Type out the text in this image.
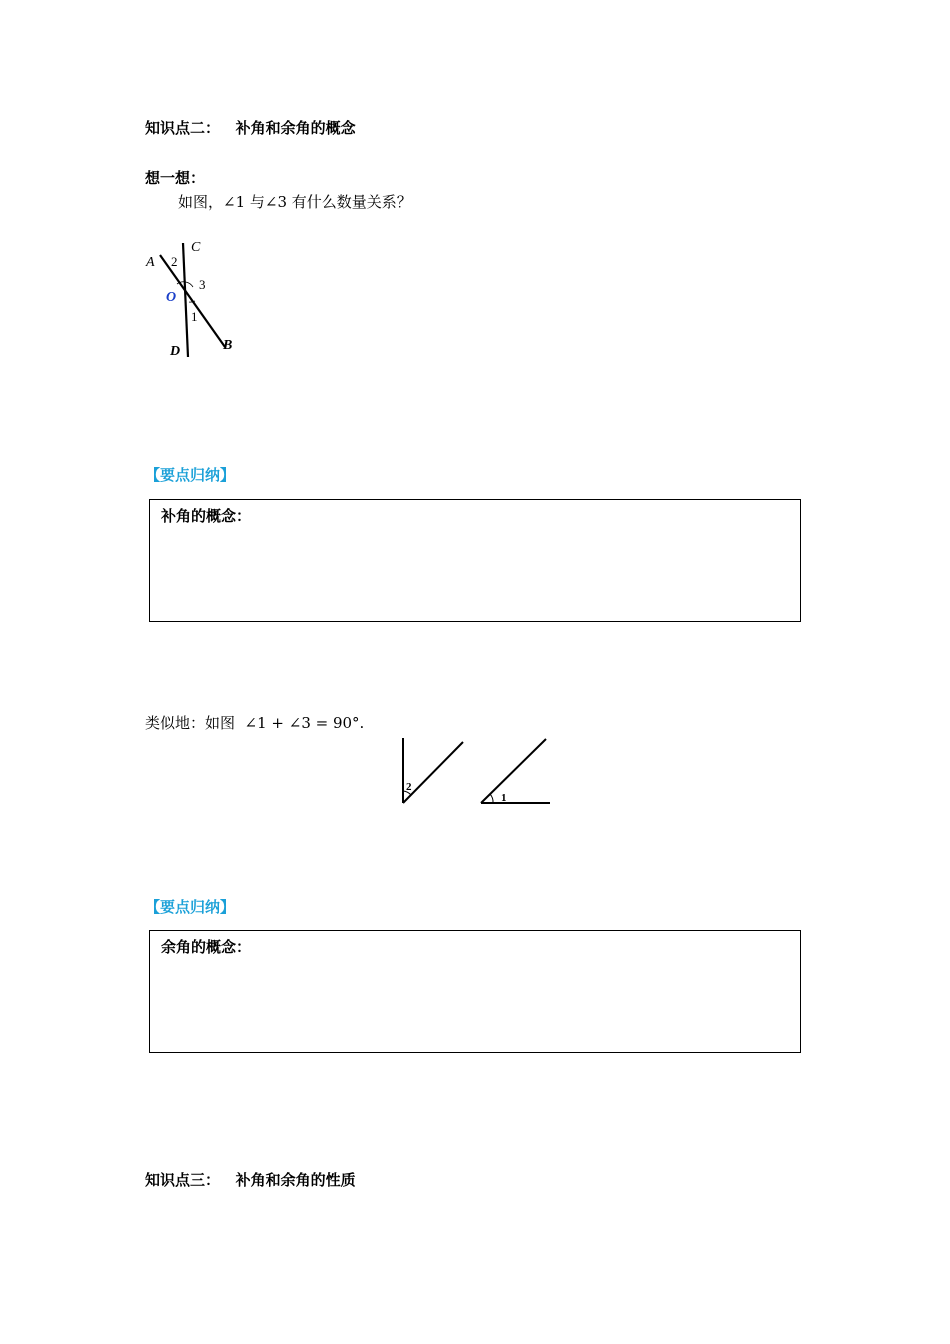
知识点二：   补角和余角的概念
想一想：
如图，∠1 与∠3 有什么数量关系？
A 2
C
3
O
1
D	B
【要点归纳】
补角的概念：
类似地：如图  ∠1 + ∠3 = 90°.
2
1
【要点归纳】
余角的概念：
知识点三：   补角和余角的性质
